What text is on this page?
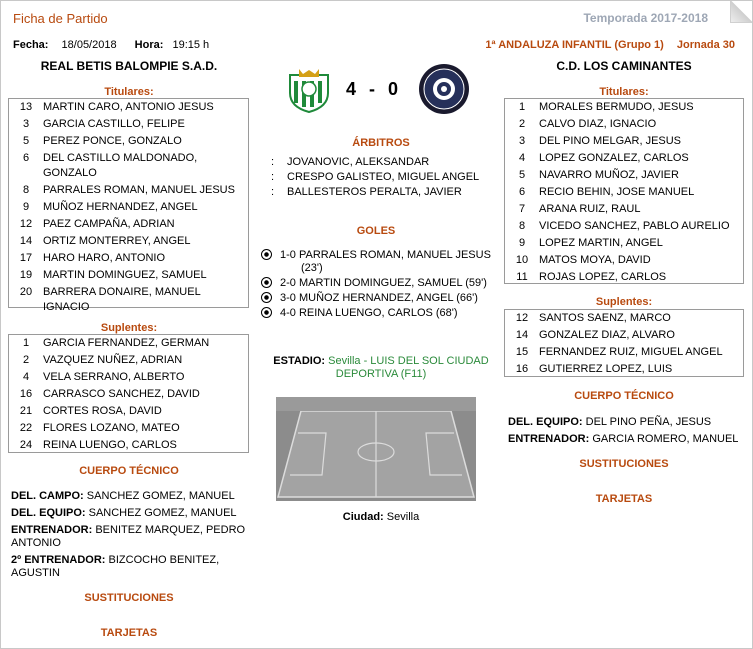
Ficha de Partido	Temporada 2017-2018
Fecha: 18/05/2018 Hora: 19:15 h	1ª ANDALUZA INFANTIL (Grupo 1) Jornada 30
REAL BETIS BALOMPIE S.A.D.
Titulares:
13 MARTIN CARO, ANTONIO JESUS
3	GARCIA CASTILLO, FELIPE
5	PEREZ PONCE, GONZALO
6	DEL CASTILLO MALDONADO,
GONZALO
8	PARRALES ROMAN, MANUEL JESUS
9	MUÑOZ HERNANDEZ, ANGEL
12 PAEZ CAMPAÑA, ADRIAN
14 ORTIZ MONTERREY, ANGEL
17 HARO HARO, ANTONIO
19 MARTIN DOMINGUEZ, SAMUEL
20 BARRERA DONAIRE, MANUEL
IGNACIO
Suplentes:
1	GARCIA FERNANDEZ, GERMAN
2	VAZQUEZ NUÑEZ, ADRIAN
4	VELA SERRANO, ALBERTO
16 CARRASCO SANCHEZ, DAVID
21 CORTES ROSA, DAVID
22 FLORES LOZANO, MATEO
24 REINA LUENGO, CARLOS
CUERPO TÉCNICO
DEL. CAMPO: SANCHEZ GOMEZ, MANUEL
DEL. EQUIPO: SANCHEZ GOMEZ, MANUEL
ENTRENADOR: BENITEZ MARQUEZ, PEDRO
ANTONIO
2º ENTRENADOR: BIZCOCHO BENITEZ,
AGUSTIN
SUSTITUCIONES
TARJETAS
4 - 0
ÁRBITROS
: JOVANOVIC, ALEKSANDAR
: CRESPO GALISTEO, MIGUEL ANGEL
: BALLESTEROS PERALTA, JAVIER
GOLES
1-0 PARRALES ROMAN, MANUEL JESUS
(23')
2-0 MARTIN DOMINGUEZ, SAMUEL (59')
3-0 MUÑOZ HERNANDEZ, ANGEL (66')
4-0 REINA LUENGO, CARLOS (68')
ESTADIO: Sevilla - LUIS DEL SOL CIUDAD
DEPORTIVA (F11)
Ciudad: Sevilla
C.D. LOS CAMINANTES
Titulares:
1	MORALES BERMUDO, JESUS
2	CALVO DIAZ, IGNACIO
3	DEL PINO MELGAR, JESUS
4	LOPEZ GONZALEZ, CARLOS
5	NAVARRO MUÑOZ, JAVIER
6	RECIO BEHIN, JOSE MANUEL
7	ARANA RUIZ, RAUL
8	VICEDO SANCHEZ, PABLO AURELIO
9	LOPEZ MARTIN, ANGEL
10 MATOS MOYA, DAVID
11	ROJAS LOPEZ, CARLOS
Suplentes:
12 SANTOS SAENZ, MARCO
14 GONZALEZ DIAZ, ALVARO
15 FERNANDEZ RUIZ, MIGUEL ANGEL
16 GUTIERREZ LOPEZ, LUIS
CUERPO TÉCNICO
DEL. EQUIPO: DEL PINO PEÑA, JESUS
ENTRENADOR: GARCIA ROMERO, MANUEL
SUSTITUCIONES
TARJETAS
